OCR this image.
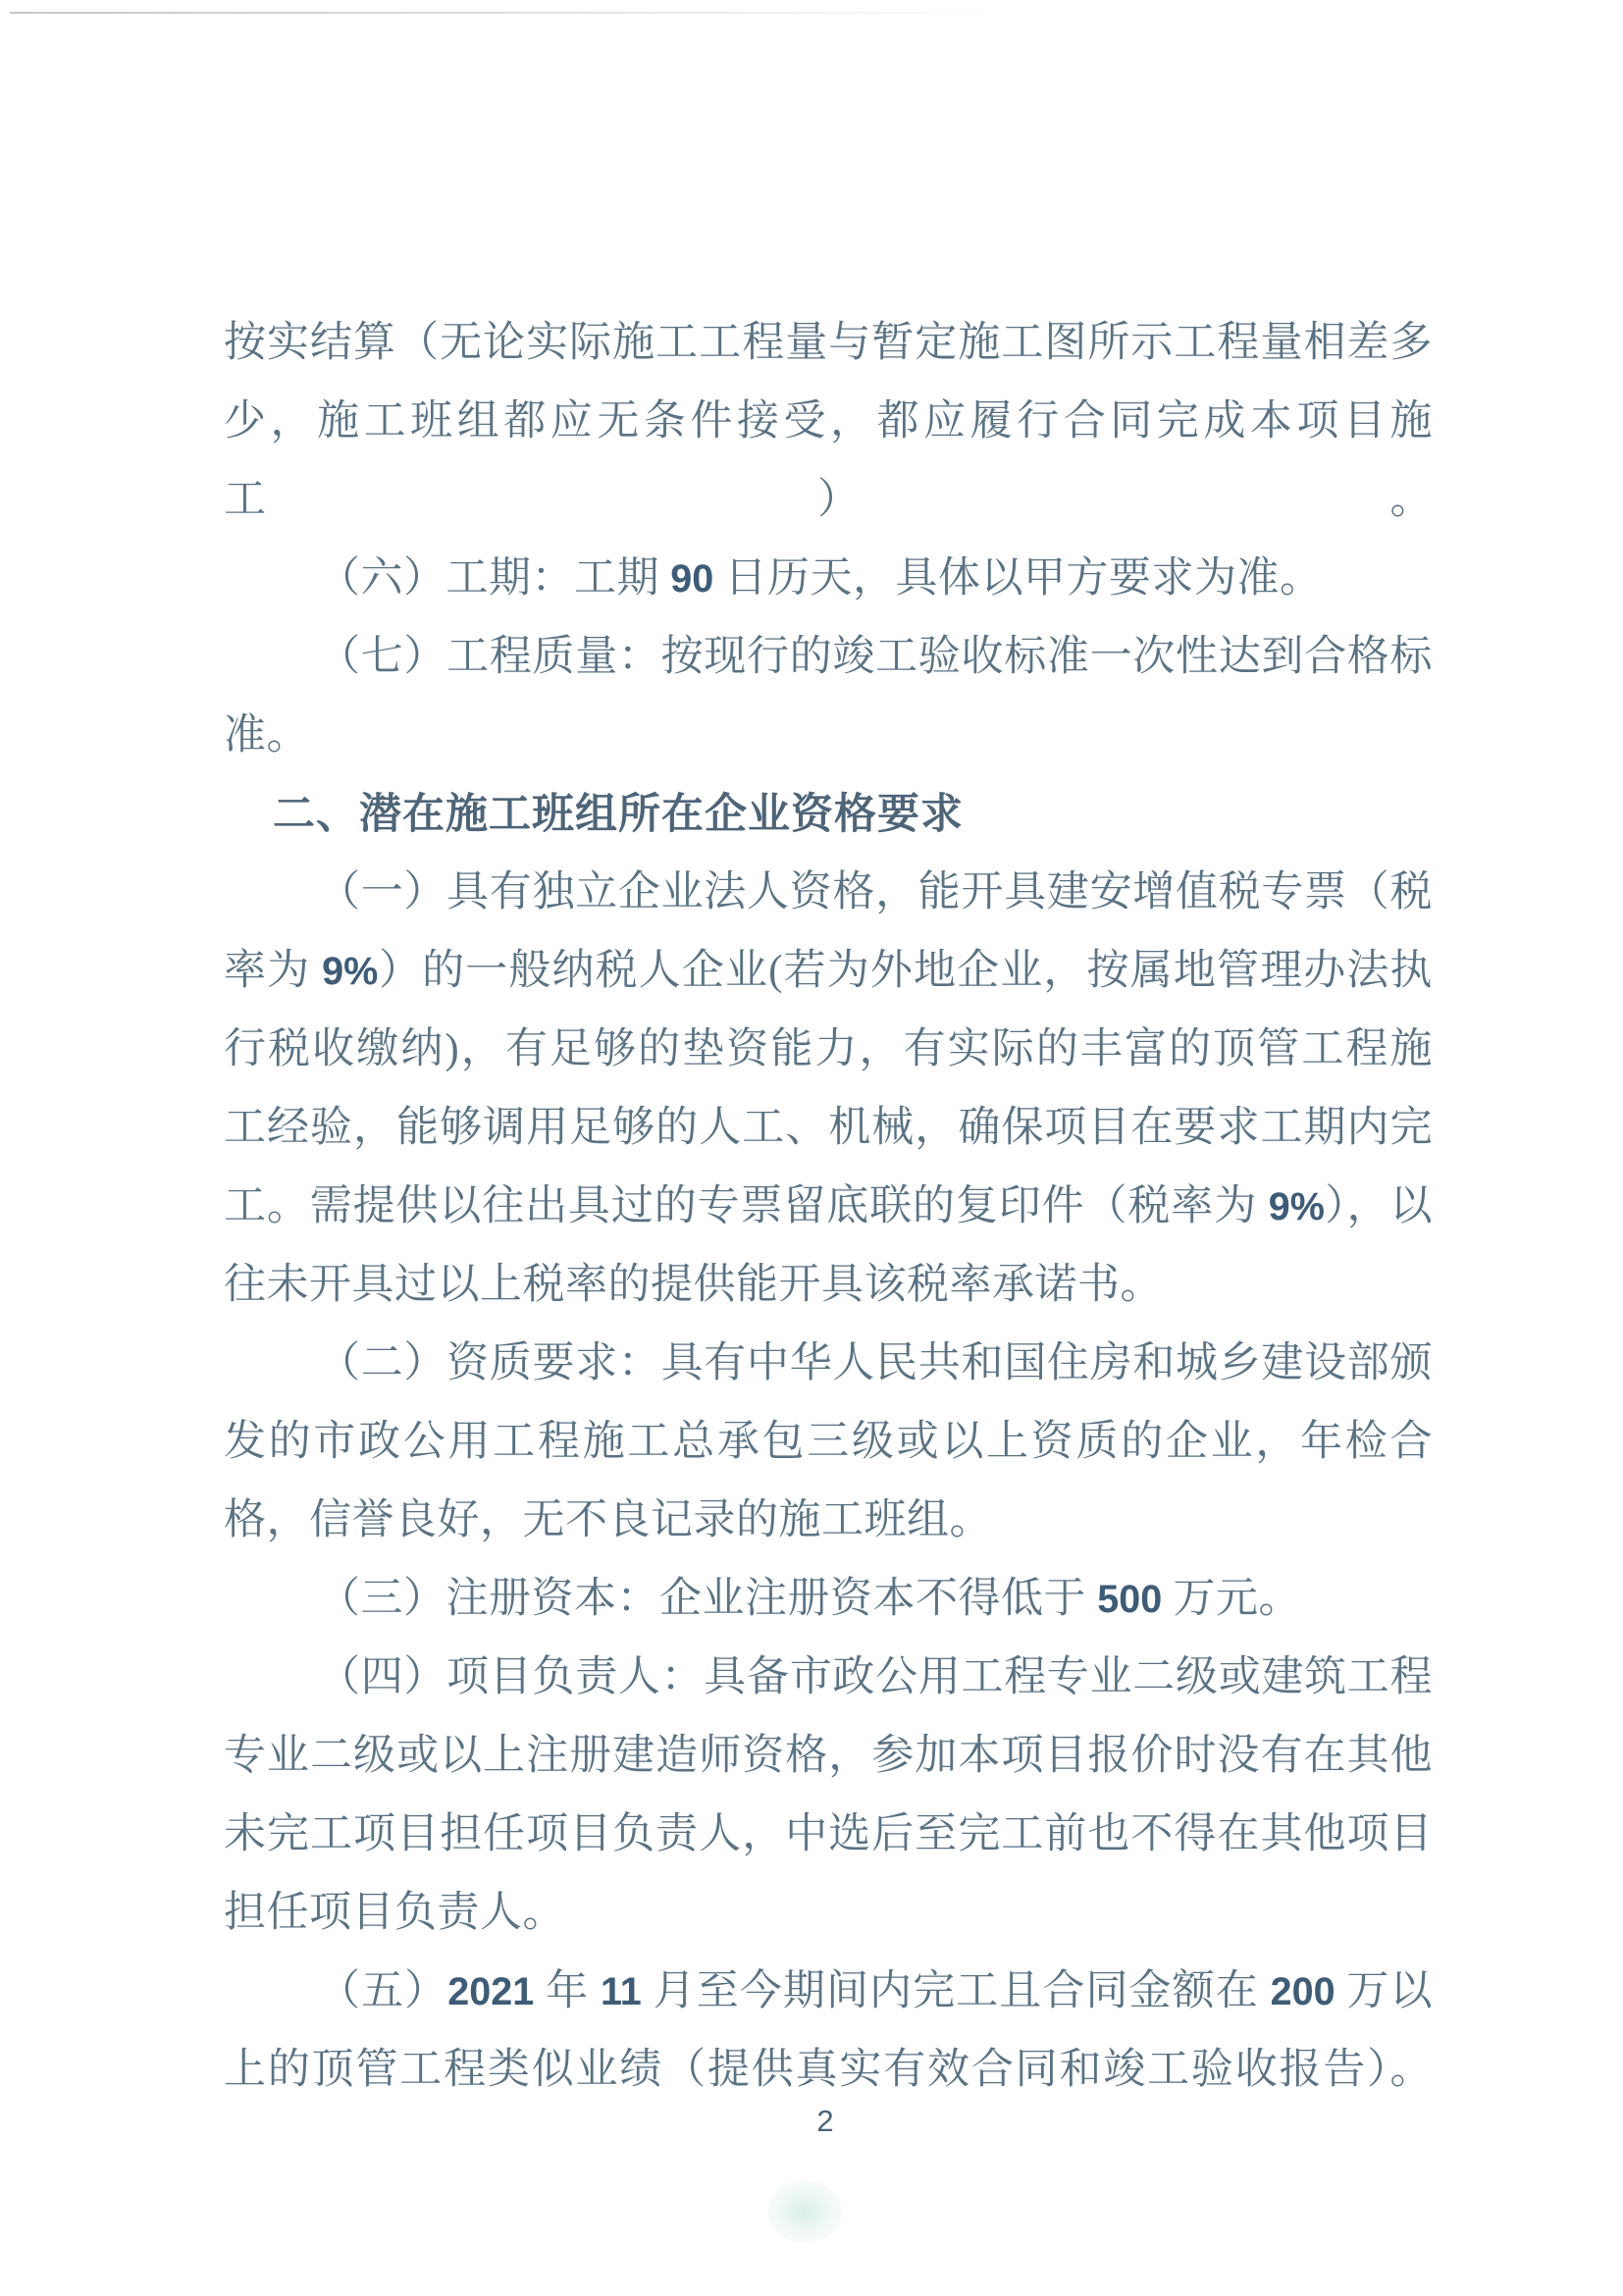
按实结算（无论实际施工工程量与暂定施工图所示工程量相差多
少，施工班组都应无条件接受，都应履行合同完成本项目施工）。
（六）工期：工期 90 日历天，具体以甲方要求为准。
（七）工程质量：按现行的竣工验收标准一次性达到合格标
准。
二、潜在施工班组所在企业资格要求
（一）具有独立企业法人资格，能开具建安增值税专票（税
率为 9%）的一般纳税人企业(若为外地企业，按属地管理办法执
行税收缴纳)，有足够的垫资能力，有实际的丰富的顶管工程施
工经验，能够调用足够的人工、机械，确保项目在要求工期内完
工。需提供以往出具过的专票留底联的复印件（税率为 9%），以
往未开具过以上税率的提供能开具该税率承诺书。
（二）资质要求：具有中华人民共和国住房和城乡建设部颁
发的市政公用工程施工总承包三级或以上资质的企业，年检合
格，信誉良好，无不良记录的施工班组。
（三）注册资本：企业注册资本不得低于 500 万元。
（四）项目负责人：具备市政公用工程专业二级或建筑工程
专业二级或以上注册建造师资格，参加本项目报价时没有在其他
未完工项目担任项目负责人，中选后至完工前也不得在其他项目
担任项目负责人。
（五）2021 年 11 月至今期间内完工且合同金额在 200 万以
上的顶管工程类似业绩（提供真实有效合同和竣工验收报告）。
2
